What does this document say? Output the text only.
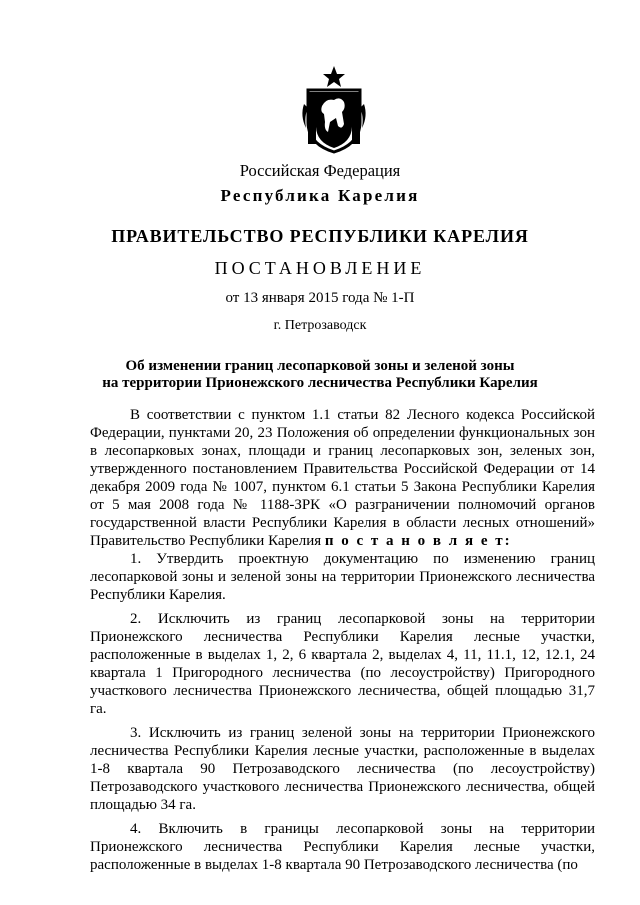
Российская Федерация
Республика Карелия
ПРАВИТЕЛЬСТВО РЕСПУБЛИКИ КАРЕЛИЯ
ПОСТАНОВЛЕНИЕ
от 13 января 2015 года № 1-П
г. Петрозаводск
Об изменении границ лесопарковой зоны и зеленой зоны
на территории Прионежского лесничества Республики Карелия

В соответствии с пунктом 1.1 статьи 82 Лесного кодекса Российской Федерации, пунктами 20, 23 Положения об определении функциональных зон в лесопарковых зонах, площади и границ лесопарковых зон, зеленых зон, утвержденного постановлением Правительства Российской Федерации от 14 декабря 2009 года № 1007, пунктом 6.1 статьи 5 Закона Республики Карелия от 5 мая 2008 года № 1188-ЗРК «О разграничении полномочий органов государственной власти Республики Карелия в области лесных отношений» Правительство Республики Карелия п о с т а н о в л я е т:

1. Утвердить проектную документацию по изменению границ лесопарковой зоны и зеленой зоны на территории Прионежского лесничества Республики Карелия.

2. Исключить из границ лесопарковой зоны на территории Прионежского лесничества Республики Карелия лесные участки, расположенные в выделах 1, 2, 6 квартала 2, выделах 4, 11, 11.1, 12, 12.1, 24 квартала 1 Пригородного лесничества (по лесоустройству) Пригородного участкового лесничества Прионежского лесничества, общей площадью 31,7 га.

3. Исключить из границ зеленой зоны на территории Прионежского лесничества Республики Карелия лесные участки, расположенные в выделах 1-8 квартала 90 Петрозаводского лесничества (по лесоустройству) Петрозаводского участкового лесничества Прионежского лесничества, общей площадью 34 га.

4. Включить в границы лесопарковой зоны на территории Прионежского лесничества Республики Карелия лесные участки, расположенные в выделах 1-8 квартала 90 Петрозаводского лесничества (по
